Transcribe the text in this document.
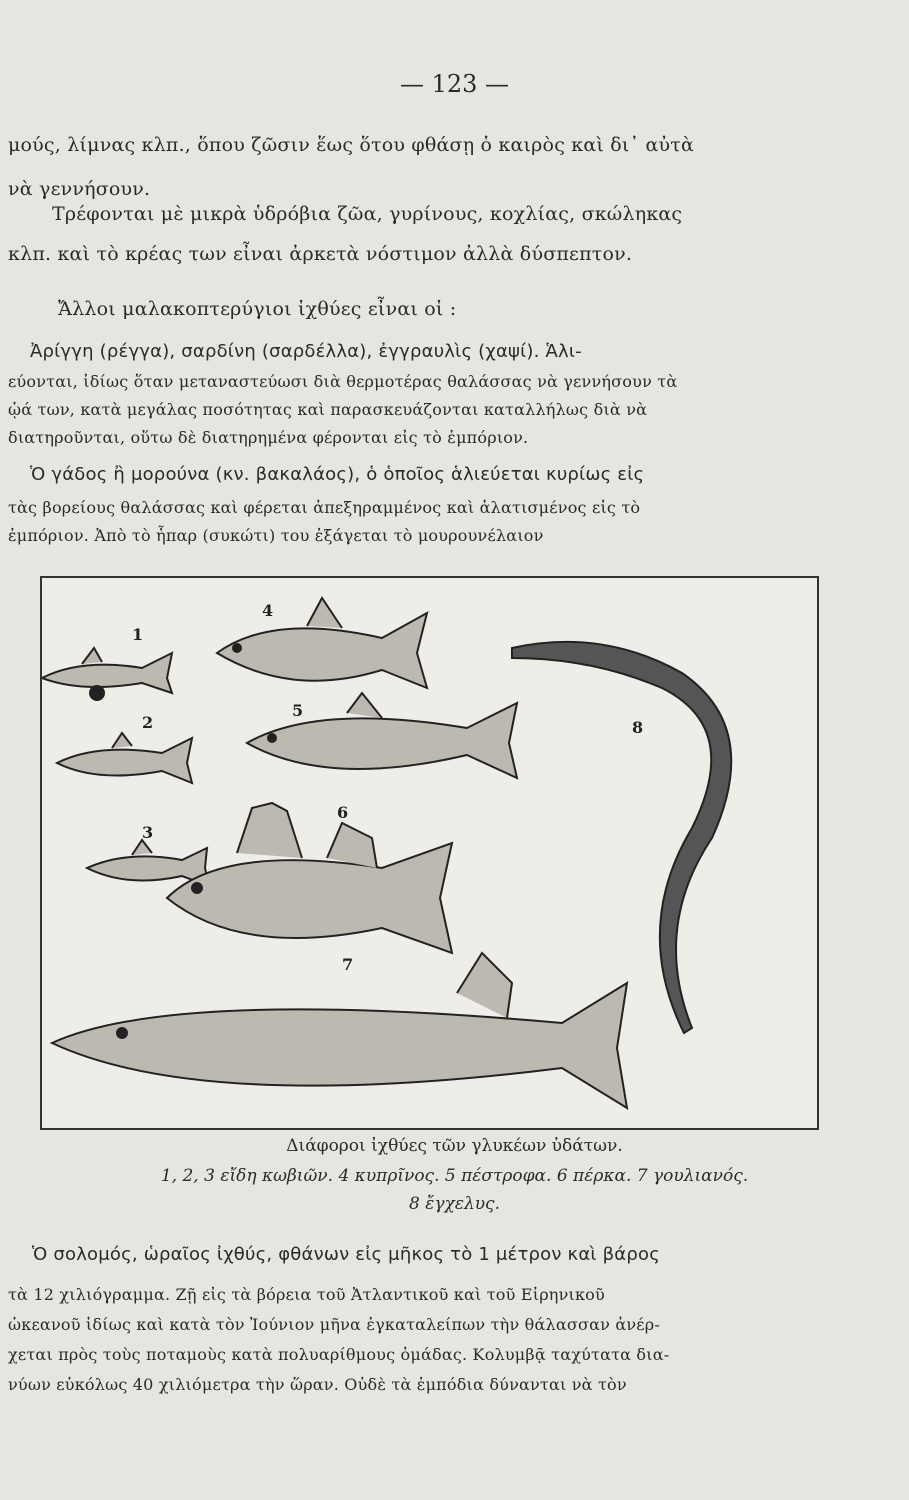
— 123 —
μούς, λίμνας κλπ., ὅπου ζῶσιν ἕως ὅτου φθάσῃ ὁ καιρὸς καὶ δι᾽ αὐτὰ
νὰ γεννήσουν.
Τρέφονται μὲ μικρὰ ὑδρόβια ζῶα, γυρίνους, κοχλίας, σκώληκας
κλπ. καὶ τὸ κρέας των εἶναι ἀρκετὰ νόστιμον ἀλλὰ δύσπεπτον.
Ἄλλοι μαλακοπτερύγιοι ἰχθύες εἶναι οἱ :
Ἀρίγγη (ρέγγα), σαρδίνη (σαρδέλλα), ἐγγραυλὶς (χαψί). Ἁλι-
εύονται, ἰδίως ὅταν μεταναστεύωσι διὰ θερμοτέρας θαλάσσας νὰ γεννήσουν τὰ
ᾠά των, κατὰ μεγάλας ποσότητας καὶ παρασκευάζονται καταλλήλως διὰ νὰ
διατηροῦνται, οὕτω δὲ διατηρημένα φέρονται εἰς τὸ ἐμπόριον.
Ὁ γάδος ἢ μορούνα (κν. βακαλάος), ὁ ὁποῖος ἁλιεύεται κυρίως εἰς
τὰς βορείους θαλάσσας καὶ φέρεται ἀπεξηραμμένος καὶ ἁλατισμένος εἰς τὸ
ἐμπόριον. Ἀπὸ τὸ ἧπαρ (συκώτι) του ἐξάγεται τὸ μουρουνέλαιον
1
2
3
4
5
6
7
8
Διάφοροι ἰχθύες τῶν γλυκέων ὑδάτων.
1, 2, 3 εἴδη κωβιῶν. 4 κυπρῖνος. 5 πέστροφα. 6 πέρκα. 7 γουλιανός.
8 ἔγχελυς.
Ὁ σολομός, ὡραῖος ἰχθύς, φθάνων εἰς μῆκος τὸ 1 μέτρον καὶ βάρος
τὰ 12 χιλιόγραμμα. Ζῇ εἰς τὰ βόρεια τοῦ Ἀτλαντικοῦ καὶ τοῦ Εἰρηνικοῦ
ὠκεανοῦ ἰδίως καὶ κατὰ τὸν Ἰούνιον μῆνα ἐγκαταλείπων τὴν θάλασσαν ἀνέρ-
χεται πρὸς τοὺς ποταμοὺς κατὰ πολυαρίθμους ὁμάδας. Κολυμβᾷ ταχύτατα δια-
νύων εὐκόλως 40 χιλιόμετρα τὴν ὥραν. Οὐδὲ τὰ ἐμπόδια δύνανται νὰ τὸν
